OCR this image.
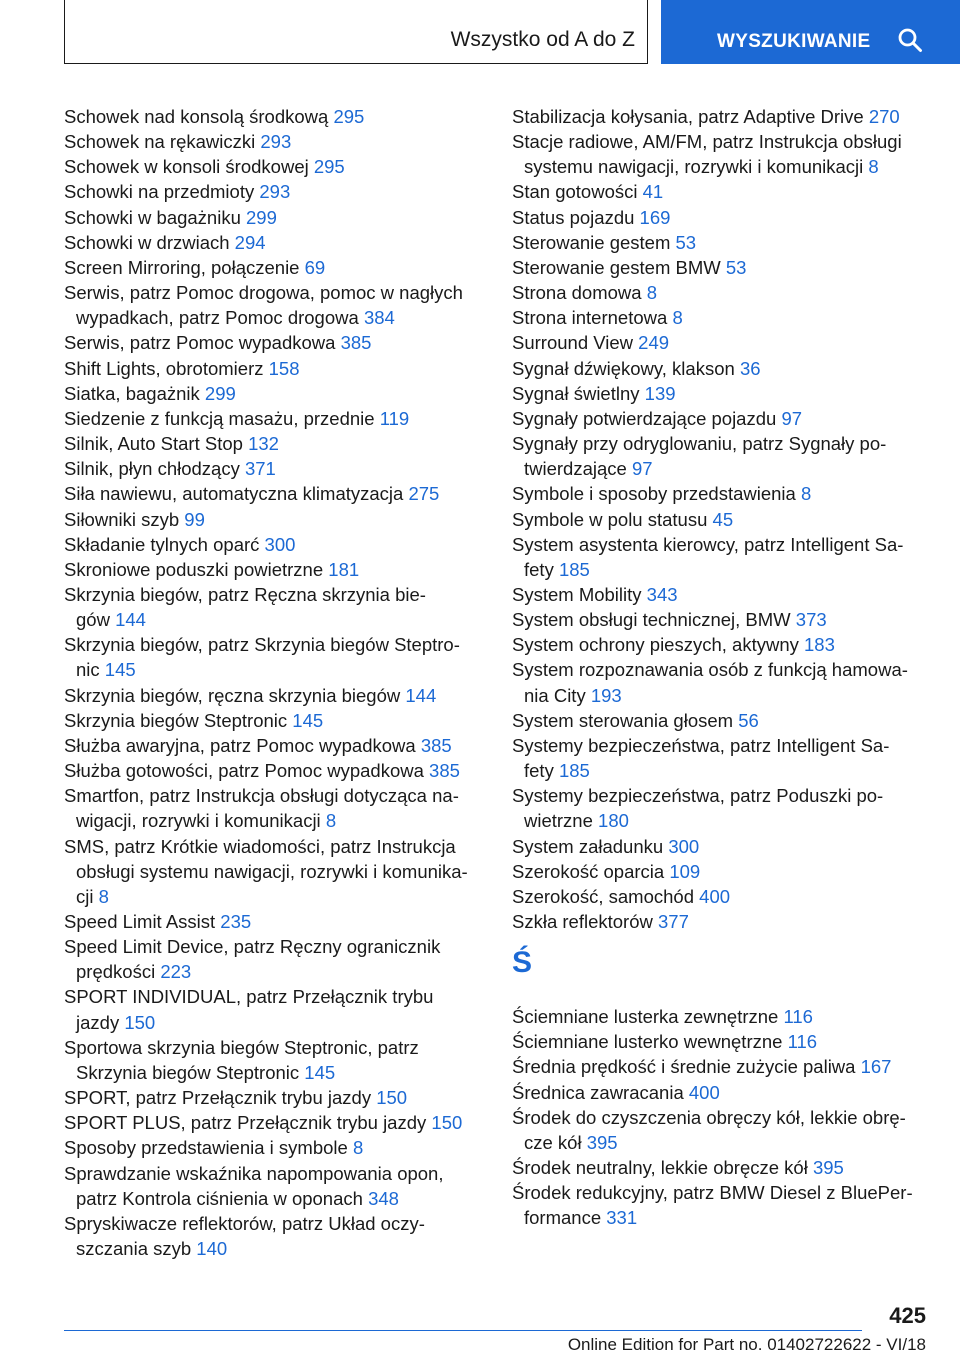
Wszystko od A do Z	WYSZUKIWANIE
Schowek nad konsolą środkową 295
Schowek na rękawiczki 293
Schowek w konsoli środkowej 295
Schowki na przedmioty 293
Schowki w bagażniku 299
Schowki w drzwiach 294
Screen Mirroring, połączenie 69
Serwis, patrz Pomoc drogowa, pomoc w nagłych
wypadkach, patrz Pomoc drogowa 384
Serwis, patrz Pomoc wypadkowa 385
Shift Lights, obrotomierz 158
Siatka, bagażnik 299
Siedzenie z funkcją masażu, przednie 119
Silnik, Auto Start Stop 132
Silnik, płyn chłodzący 371
Siła nawiewu, automatyczna klimatyzacja 275
Siłowniki szyb 99
Składanie tylnych oparć 300
Skroniowe poduszki powietrzne 181
Skrzynia biegów, patrz Ręczna skrzynia bie-
gów 144
Skrzynia biegów, patrz Skrzynia biegów Steptro-
nic 145
Skrzynia biegów, ręczna skrzynia biegów 144
Skrzynia biegów Steptronic 145
Służba awaryjna, patrz Pomoc wypadkowa 385
Służba gotowości, patrz Pomoc wypadkowa 385
Smartfon, patrz Instrukcja obsługi dotycząca na-
wigacji, rozrywki i komunikacji 8
SMS, patrz Krótkie wiadomości, patrz Instrukcja
obsługi systemu nawigacji, rozrywki i komunika-
cji 8
Speed Limit Assist 235
Speed Limit Device, patrz Ręczny ogranicznik
prędkości 223
SPORT INDIVIDUAL, patrz Przełącznik trybu
jazdy 150
Sportowa skrzynia biegów Steptronic, patrz
Skrzynia biegów Steptronic 145
SPORT, patrz Przełącznik trybu jazdy 150
SPORT PLUS, patrz Przełącznik trybu jazdy 150
Sposoby przedstawienia i symbole 8
Sprawdzanie wskaźnika napompowania opon,
patrz Kontrola ciśnienia w oponach 348
Spryskiwacze reflektorów, patrz Układ oczy-
szczania szyb 140
Stabilizacja kołysania, patrz Adaptive Drive 270
Stacje radiowe, AM/FM, patrz Instrukcja obsługi
systemu nawigacji, rozrywki i komunikacji 8
Stan gotowości 41
Status pojazdu 169
Sterowanie gestem 53
Sterowanie gestem BMW 53
Strona domowa 8
Strona internetowa 8
Surround View 249
Sygnał dźwiękowy, klakson 36
Sygnał świetlny 139
Sygnały potwierdzające pojazdu 97
Sygnały przy odryglowaniu, patrz Sygnały po-
twierdzające 97
Symbole i sposoby przedstawienia 8
Symbole w polu statusu 45
System asystenta kierowcy, patrz Intelligent Sa-
fety 185
System Mobility 343
System obsługi technicznej, BMW 373
System ochrony pieszych, aktywny 183
System rozpoznawania osób z funkcją hamowa-
nia City 193
System sterowania głosem 56
Systemy bezpieczeństwa, patrz Intelligent Sa-
fety 185
Systemy bezpieczeństwa, patrz Poduszki po-
wietrzne 180
System załadunku 300
Szerokość oparcia 109
Szerokość, samochód 400
Szkła reflektorów 377
Ś
Ściemniane lusterka zewnętrzne 116
Ściemniane lusterko wewnętrzne 116
Średnia prędkość i średnie zużycie paliwa 167
Średnica zawracania 400
Środek do czyszczenia obręczy kół, lekkie obrę-
cze kół 395
Środek neutralny, lekkie obręcze kół 395
Środek redukcyjny, patrz BMW Diesel z BluePer-
formance 331
425
Online Edition for Part no. 01402722622 - VI/18
